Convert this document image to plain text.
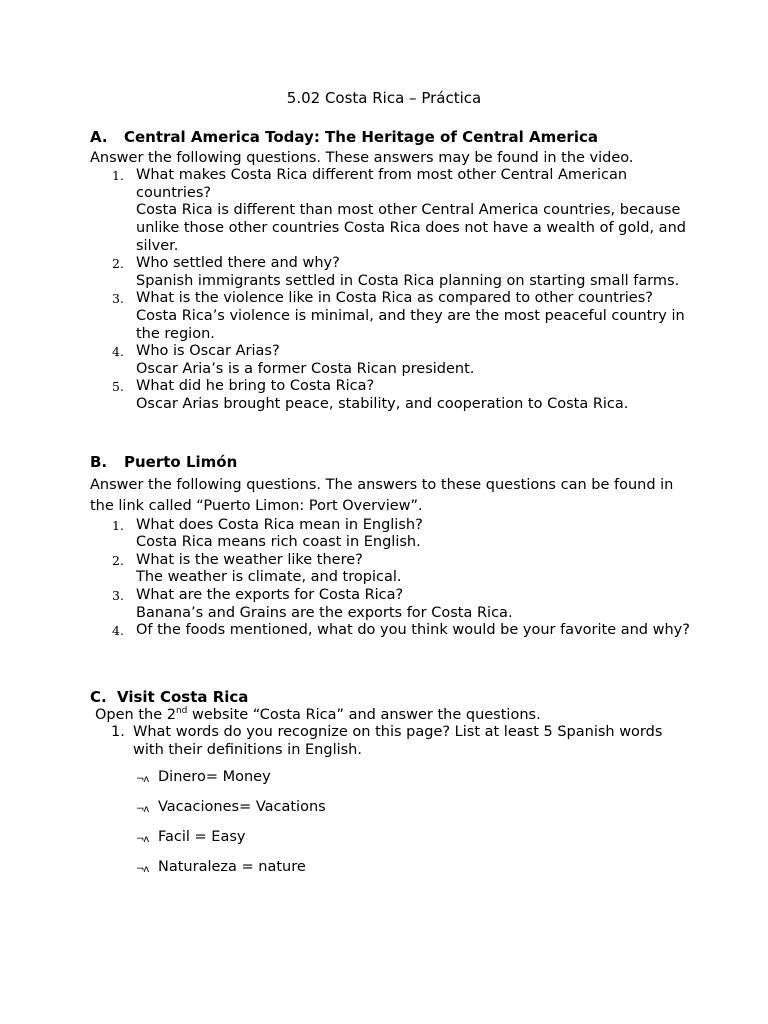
5.02 Costa Rica – Práctica

A. Central America Today: The Heritage of Central America

Answer the following questions. These answers may be found in the video.

1. What makes Costa Rica different from most other Central American countries?
Costa Rica is different than most other Central America countries, because unlike those other countries Costa Rica does not have a wealth of gold, and silver.
2. Who settled there and why?
Spanish immigrants settled in Costa Rica planning on starting small farms.
3. What is the violence like in Costa Rica as compared to other countries?
Costa Rica’s violence is minimal, and they are the most peaceful country in the region.
4. Who is Oscar Arias?
Oscar Aria’s is a former Costa Rican president.
5. What did he bring to Costa Rica?
Oscar Arias brought peace, stability, and cooperation to Costa Rica.

B. Puerto Limón

Answer the following questions. The answers to these questions can be found in the link called “Puerto Limon: Port Overview”.

1. What does Costa Rica mean in English?
Costa Rica means rich coast in English.
2. What is the weather like there?
The weather is climate, and tropical.
3. What are the exports for Costa Rica?
Banana’s and Grains are the exports for Costa Rica.
4. Of the foods mentioned, what do you think would be your favorite and why?

C. Visit Costa Rica

Open the 2nd website “Costa Rica” and answer the questions.

1. What words do you recognize on this page? List at least 5 Spanish words with their definitions in English.
¬ʌ Dinero= Money
¬ʌ Vacaciones= Vacations
¬ʌ Facil = Easy
¬ʌ Naturaleza = nature
